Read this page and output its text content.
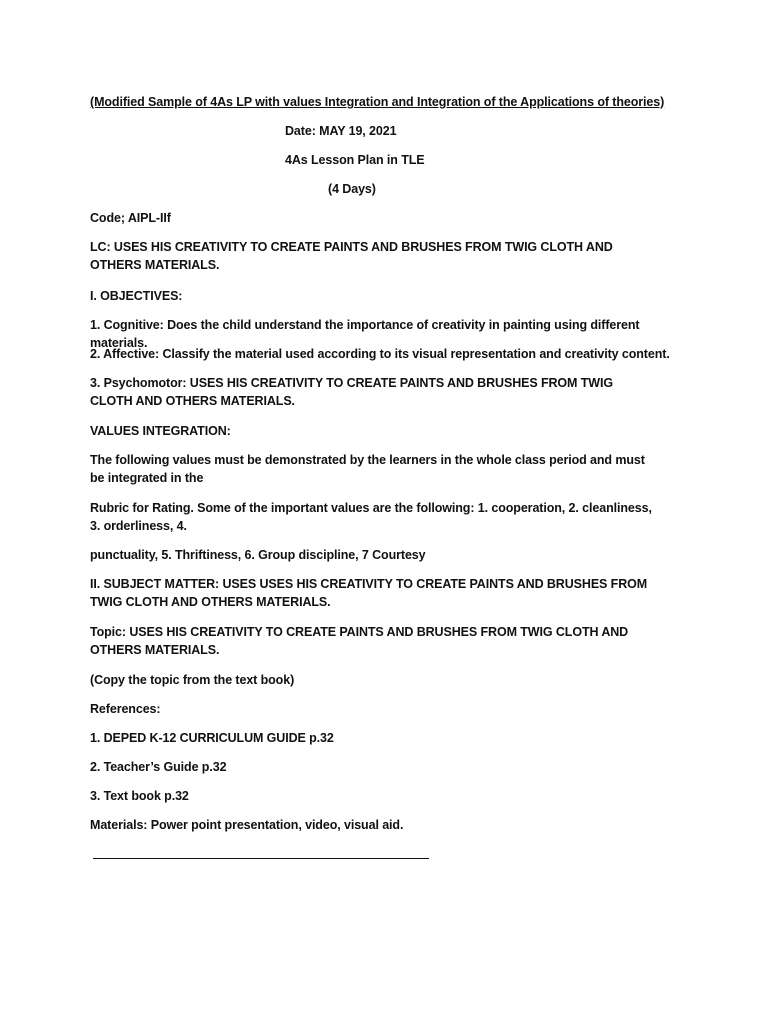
(Modified Sample of 4As LP with values Integration and Integration of the Applications of theories)
Date: MAY 19, 2021
4As Lesson Plan in TLE
(4 Days)
Code; AIPL-IIf
LC: USES HIS CREATIVITY TO CREATE PAINTS AND BRUSHES FROM TWIG CLOTH AND OTHERS MATERIALS.
I. OBJECTIVES:
1. Cognitive: Does the child understand the importance of creativity in painting using different materials.
2. Affective: Classify the material used according to its visual representation and creativity content.
3. Psychomotor: USES HIS CREATIVITY TO CREATE PAINTS AND BRUSHES FROM TWIG CLOTH AND OTHERS MATERIALS.
VALUES INTEGRATION:
The following values must be demonstrated by the learners in the whole class period and must be integrated in the
Rubric for Rating. Some of the important values are the following: 1. cooperation, 2. cleanliness, 3. orderliness, 4.
punctuality, 5. Thriftiness, 6. Group discipline, 7 Courtesy
II. SUBJECT MATTER: USES USES HIS CREATIVITY TO CREATE PAINTS AND BRUSHES FROM TWIG CLOTH AND OTHERS MATERIALS.
Topic: USES HIS CREATIVITY TO CREATE PAINTS AND BRUSHES FROM TWIG CLOTH AND OTHERS MATERIALS.
(Copy the topic from the text book)
References:
1. DEPED K-12 CURRICULUM GUIDE p.32
2. Teacher’s Guide p.32
3. Text book p.32
Materials: Power point presentation, video, visual aid.
